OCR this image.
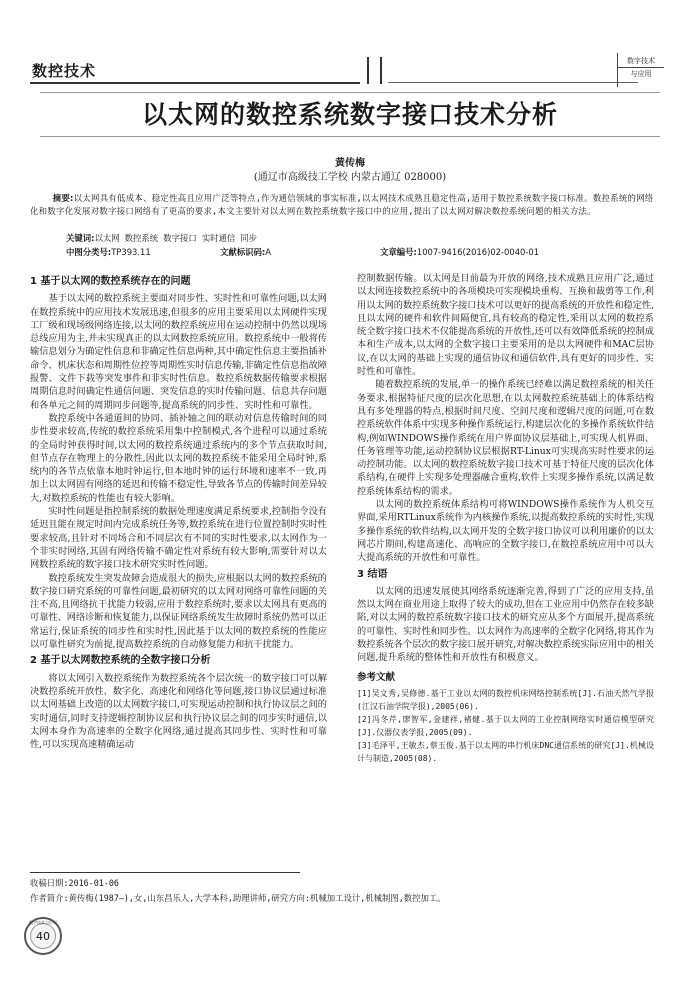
数控技术
数字技术
与应用
以太网的数控系统数字接口技术分析
黄传梅
(通辽市高级技工学校 内蒙古通辽 028000)
摘要:以太网具有低成本、稳定性高且应用广泛等特点,作为通信领域的事实标准,以太网技术成熟且稳定性高,适用于数控系统数字接口标准。数控系统的网络化和数字化发展对数字接口网络有了更高的要求,本文主要针对以太网在数控系统数字接口中的应用,提出了以太网对解决数控系统问题的相关方法。
关键词:以太网 数控系统 数字接口 实时通信 同步
中图分类号:TP393.11	文献标识码:A	文章编号:1007-9416(2016)02-0040-01
1 基于以太网的数控系统存在的问题

基于以太网的数控系统主要面对同步性、实时性和可靠性问题,以太网在数控系统中的应用技术发展迅速,但很多的应用主要采用以太网硬件实现工厂级和现场级网络连接,以太网的数控系统应用在运动控制中仍然以现场总线应用为主,并未实现真正的以太网数控系统应用。数控系统中一般将传输信息划分为确定性信息和非确定性信息两种,其中确定性信息主要指插补命令、机床状态和周期性位控等周期性实时信息传输,非确定性信息指故障报警、文件下载等突发事件和非实时性信息。数控系统数据传输要求根据周期信息时间确定性通信问题、突发信息的实时传输问题、信息共存问题和各单元之间的周期同步问题等,提高系统的同步性、实时性和可靠性。

数控系统中各通道间的协同、插补轴之间的联动对信息传输时间的同步性要求较高,传统的数控系统采用集中控制模式,各个进程可以通过系统的全局时钟获得时间,以太网的数控系统通过系统内的多个节点获取时间,但节点存在物理上的分散性,因此以太网的数控系统不能采用全局时钟,系统内的各节点依靠本地时钟运行,但本地时钟的运行环境和速率不一致,再加上以太网固有网络的延迟和传输不稳定性,导致各节点的传输时间差异较大,对数控系统的性能也有较大影响。

实时性问题是指控制系统的数据处理速度满足系统要求,控制指令没有延迟且能在规定时间内完成系统任务等,数控系统在进行位置控制时实时性要求较高,且针对不同场合和不同层次有不同的实时性要求,以太网作为一个非实时网络,其固有网络传输不确定性对系统有较大影响,需要针对以太网数控系统的数字接口技术研究实时性问题。

数控系统发生突发故障会造成很大的损失,应根据以太网的数控系统的数字接口研究系统的可靠性问题,最初研究的以太网对网络可靠性问题的关注不高,且网络抗干扰能力较弱,应用于数控系统时,要求以太网具有更高的可靠性、网络诊断和恢复能力,以保证网络系统发生故障时系统仍然可以正常运行,保证系统的同步性和实时性,因此基于以太网的数控系统的性能应以可靠性研究为前提,提高数控系统的自动修复能力和抗干扰能力。

2 基于以太网数控系统的全数字接口分析

将以太网引入数控系统作为数控系统各个层次统一的数字接口可以解决数控系统开放性、数字化、高速化和网络化等问题,接口协议层通过标准以太网基础上改造的以太网数字接口,可实现运动控制和执行协议层之间的实时通信,同时支持逻辑控制协议层和执行协议层之间的同步实时通信,以太网本身作为高速率的全数字化网络,通过提高其同步性、实时性和可靠性,可以实现高速精确运动

控制数据传输。以太网是目前最为开放的网络,技术成熟且应用广泛,通过以太网连接数控系统中的各项模块可实现模块重构、互换和裁剪等工作,利用以太网的数控系统数字接口技术可以更好的提高系统的开放性和稳定性,且以太网的硬件和软件间隔便宜,具有较高的稳定性,采用以太网的数控系统全数字接口技术不仅能提高系统的开放性,还可以有效降低系统的控制成本和生产成本,以太网的全数字接口主要采用的是以太网硬件和MAC层协议,在以太网的基础上实现的通信协议和通信软件,具有更好的同步性、实时性和可靠性。

随着数控系统的发展,单一的操作系统已经难以满足数控系统的相关任务要求,根据特征尺度的层次化思想,在以太网数控系统基础上的体系结构具有多处理器的特点,根据时间尺度、空间尺度和逻辑尺度的问题,可在数控系统软件体系中实现多种操作系统运行,构建层次化的多操作系统软件结构,例如WINDOWS操作系统在用户界面协议层基础上,可实现人机界面、任务管理等功能,运动控制协议层根据RT-Linux可实现高实时性要求的运动控制功能。以太网的数控系统数字接口技术可基于特征尺度的层次化体系结构,在硬件上实现多处理器融合重构,软件上实现多操作系统,以满足数控系统体系结构的需求。

以太网的数控系统体系结构可将WINDOWS操作系统作为人机交互界面,采用RTLinux系统作为内核操作系统,以提高数控系统的实时性,实现多操作系统的软件结构,以太网开发的全数字接口协议可以利用廉价的以太网芯片期间,构建高速化、高响应的全数字接口,在数控系统应用中可以大大提高系统的开放性和可靠性。

3 结语

以太网的迅速发展使其网络系统逐渐完善,得到了广泛的应用支持,虽然以太网在商业用途上取得了较大的成功,但在工业应用中仍然存在较多缺陷,对以太网的数控系统数字接口技术的研究应从多个方面展开,提高系统的可靠性、实时性和同步性。以太网作为高速率的全数字化网络,将其作为数控系统各个层次的数字接口展开研究,对解决数控系统实际应用中的相关问题,提升系统的整体性和开放性有积极意义。

参考文献

[1]吴文秀,吴修德.基于工业以太网的数控机床网络控制系统[J].石油天然气学报(江汉石油学院学报),2005(06).

[2]冯冬芹,廖智军,金建祥,褚健.基于以太网的工业控制网络实时通信模型研究[J].仪器仪表学报,2005(09).

[3]毛泽平,王敏杰,蔡玉俊.基于以太网的串行机床DNC通信系统的研究[J].机械设计与制造,2005(08).

收稿日期:2016-01-06
作者简介:黄传梅(1987—),女,山东昌乐人,大学本科,助理讲师,研究方向:机械加工设计,机械制图,数控加工。
数字技术与应用
40
